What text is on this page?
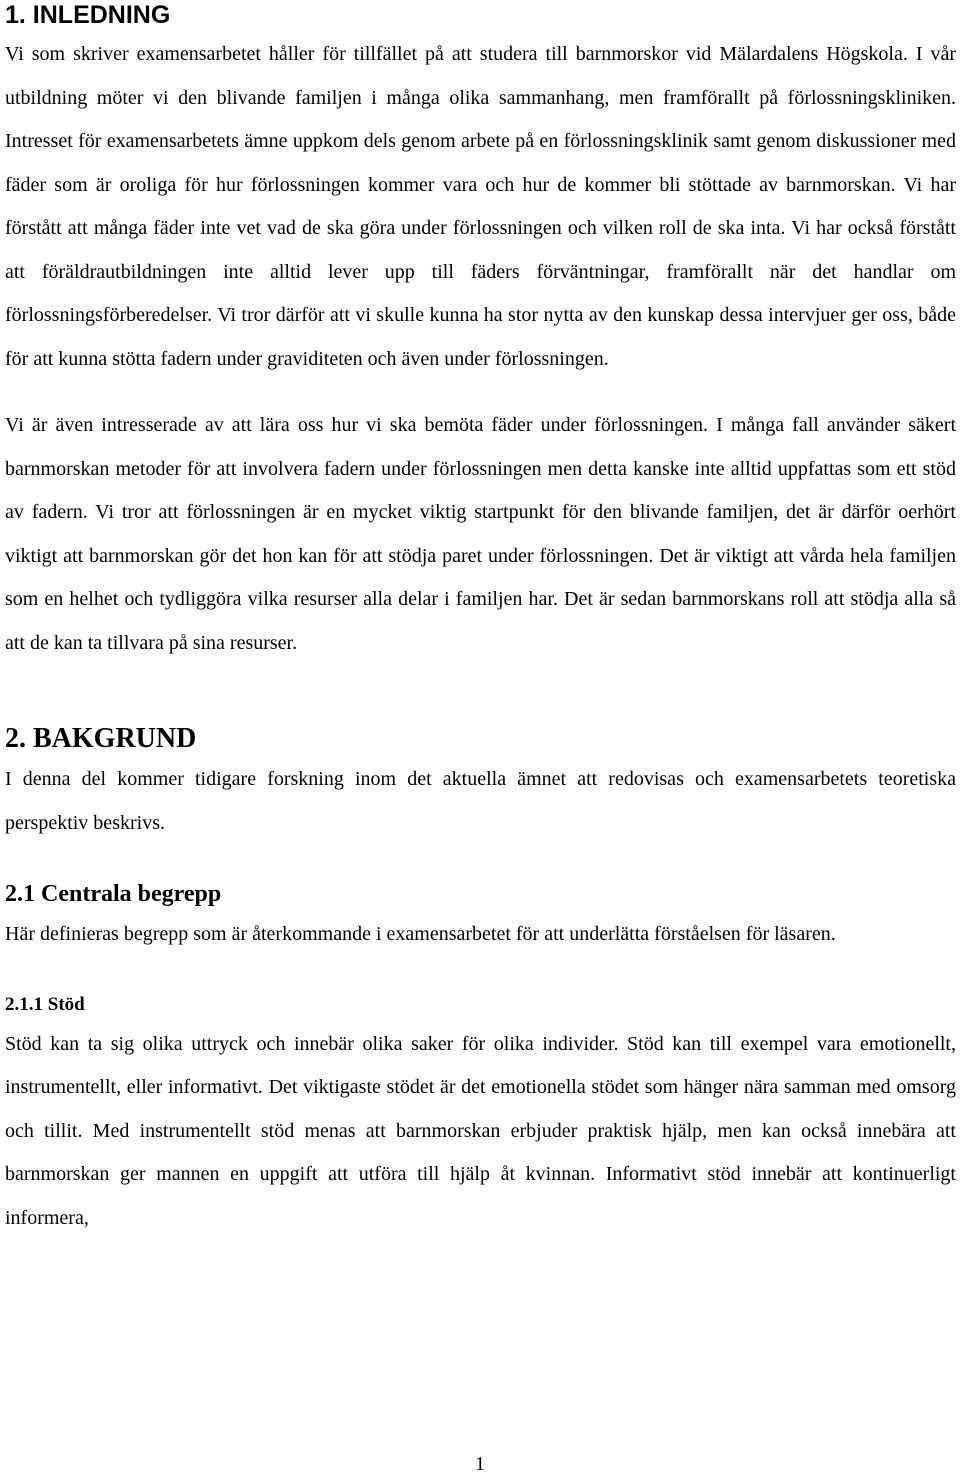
1. INLEDNING

Vi som skriver examensarbetet håller för tillfället på att studera till barnmorskor vid Mälardalens Högskola. I vår utbildning möter vi den blivande familjen i många olika sammanhang, men framförallt på förlossningskliniken. Intresset för examensarbetets ämne uppkom dels genom arbete på en förlossningsklinik samt genom diskussioner med fäder som är oroliga för hur förlossningen kommer vara och hur de kommer bli stöttade av barnmorskan. Vi har förstått att många fäder inte vet vad de ska göra under förlossningen och vilken roll de ska inta. Vi har också förstått att föräldrautbildningen inte alltid lever upp till fäders förväntningar, framförallt när det handlar om förlossningsförberedelser. Vi tror därför att vi skulle kunna ha stor nytta av den kunskap dessa intervjuer ger oss, både för att kunna stötta fadern under graviditeten och även under förlossningen.

Vi är även intresserade av att lära oss hur vi ska bemöta fäder under förlossningen. I många fall använder säkert barnmorskan metoder för att involvera fadern under förlossningen men detta kanske inte alltid uppfattas som ett stöd av fadern. Vi tror att förlossningen är en mycket viktig startpunkt för den blivande familjen, det är därför oerhört viktigt att barnmorskan gör det hon kan för att stödja paret under förlossningen. Det är viktigt att vårda hela familjen som en helhet och tydliggöra vilka resurser alla delar i familjen har. Det är sedan barnmorskans roll att stödja alla så att de kan ta tillvara på sina resurser.

2. BAKGRUND

I denna del kommer tidigare forskning inom det aktuella ämnet att redovisas och examensarbetets teoretiska perspektiv beskrivs.

2.1 Centrala begrepp

Här definieras begrepp som är återkommande i examensarbetet för att underlätta förståelsen för läsaren.

2.1.1 Stöd

Stöd kan ta sig olika uttryck och innebär olika saker för olika individer. Stöd kan till exempel vara emotionellt, instrumentellt, eller informativt. Det viktigaste stödet är det emotionella stödet som hänger nära samman med omsorg och tillit. Med instrumentellt stöd menas att barnmorskan erbjuder praktisk hjälp, men kan också innebära att barnmorskan ger mannen en uppgift att utföra till hjälp åt kvinnan. Informativt stöd innebär att kontinuerligt informera,

1
